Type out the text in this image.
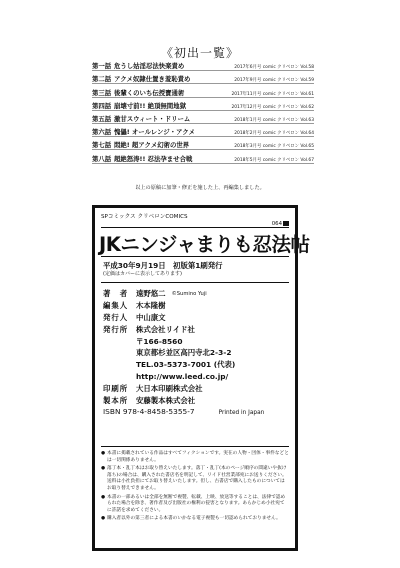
《初出一覧》
第一話 危うし姑淫忍法快楽責め	2017年6月号 comic クリベロン Vol.58
第二話 アクメ奴隷仕置き羞恥責め	2017年9月号 comic クリベロン Vol.59
第三話 後輩くのいち伝授寶通術	2017年11月号 comic クリベロン Vol.61
第四話 崩壊寸前!! 絶頂無間地獄	2017年12月号 comic クリベロン Vol.62
第五話 激甘スウィート・ドリーム	2018年1月号 comic クリベロン Vol.63
第六話 愧儡! オールレンジ・アクメ	2018年2月号 comic クリベロン Vol.64
第七話 悶絶! 超アクメ幻術の世界	2018年3月号 comic クリベロン Vol.65
第八話 超絶怒涛!! 忍法孕ませ合戦	2018年5月号 comic クリベロン Vol.67
以上の原稿に加筆・修正を施した上、再編集しました。
SPコミックス クリベロンCOMICS
064
JKニンジャまりも忍法帖
平成30年9月19日　初版第1刷発行
(定価はカバーに表示してあります)
著　者	遠野悠二 ©Sumino Yuji
編集人	木本隆樹
発行人	中山康文
発行所	株式会社リイド社
〒166-8560
東京都杉並区高円寺北2-3-2
TEL.03-5373-7001 (代表)
http://www.leed.co.jp/
印刷所	大日本印刷株式会社
製本所	安藤製本株式会社
ISBN 978-4-8458-5355-7	Printed in Japan

● 本書に掲載されている作品はすべてフィクションです。実在の人物・団体・事件などとは一切関係ありません。

● 落丁本・乱丁本はお取り替えいたします。落丁・乱丁(本のページ順序の間違いや抜け落ち)の場合は、購入された書店名を明記して、リイド社営業部宛にお送りください。送料は小社負担にてお取り替えいたします。但し、古書店で購入したものについてはお取り替えできません。

● 本書の一部あるいは全部を無断で複製、転載、上映、放送等することは、法律で認められた場合を除き、著作者及び出版社の権利の侵害となります。あらかじめ小社宛てに許諾を求めてください。

● 購入者以外の第三者による本書のいかなる電子複製も一切認められておりません。
